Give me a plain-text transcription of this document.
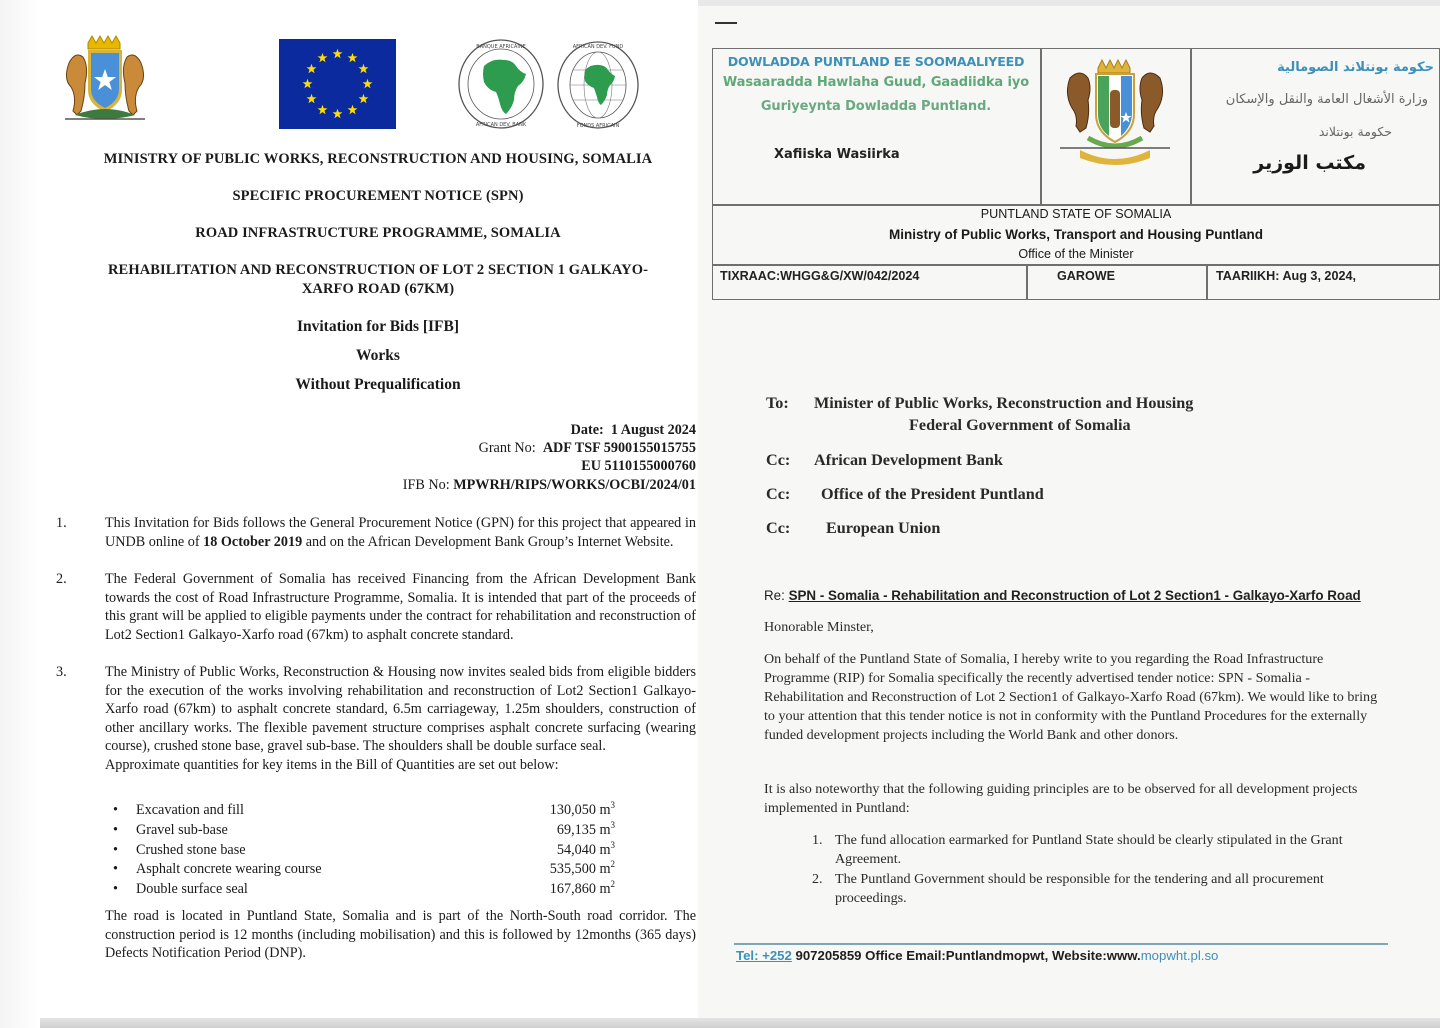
BANQUE AFRICAINE
AFRICAN DEV. BANK
AFRICAN DEV. FUND
FONDS AFRICAIN
MINISTRY OF PUBLIC WORKS, RECONSTRUCTION AND HOUSING, SOMALIA
SPECIFIC PROCUREMENT NOTICE (SPN)
ROAD INFRASTRUCTURE PROGRAMME, SOMALIA
REHABILITATION AND RECONSTRUCTION OF LOT 2 SECTION 1 GALKAYO-
XARFO ROAD (67KM)
Invitation for Bids [IFB]
Works
Without Prequalification
Date: 1 August 2024
Grant No: ADF TSF 5900155015755
EU 5110155000760
IFB No: MPWRH/RIPS/WORKS/OCBI/2024/01
1.	This Invitation for Bids follows the General Procurement Notice (GPN) for this project that appeared in UNDB online of 18 October 2019 and on the African Development Bank Group’s Internet Website.
2.	The Federal Government of Somalia has received Financing from the African Development Bank towards the cost of Road Infrastructure Programme, Somalia. It is intended that part of the proceeds of this grant will be applied to eligible payments under the contract for rehabilitation and reconstruction of Lot2 Section1 Galkayo-Xarfo road (67km) to asphalt concrete standard.
3.	The Ministry of Public Works, Reconstruction & Housing now invites sealed bids from eligible bidders for the execution of the works involving rehabilitation and reconstruction of Lot2 Section1 Galkayo-Xarfo road (67km) to asphalt concrete standard, 6.5m carriageway, 1.25m shoulders, construction of other ancillary works. The flexible pavement structure comprises asphalt concrete surfacing (wearing course), crushed stone base, gravel sub-base. The shoulders shall be double surface seal.
Approximate quantities for key items in the Bill of Quantities are set out below:
• Excavation and fill	130,050 $m^3$
• Gravel sub-base	69,135 $m^3$
• Crushed stone base	54,040 $m^3$
• Asphalt concrete wearing course	535,500 $m^2$
• Double surface seal	167,860 $m^2$
The road is located in Puntland State, Somalia and is part of the North-South road corridor. The construction period is 12 months (including mobilisation) and this is followed by 12months (365 days) Defects Notification Period (DNP).
DOWLADDA PUNTLAND EE SOOMAALIYEED
Wasaaradda Hawlaha Guud, Gaadiidka iyo
Guriyeynta Dowladda Puntland.
Xafiiska Wasiirka
حكومة بونتلاند الصومالية
وزارة الأشغال العامة والنقل والإسكان
حكومة بونتلاند
مكتب الوزير
PUNTLAND STATE OF SOMALIA
Ministry of Public Works, Transport and Housing Puntland
Office of the Minister
TIXRAAC:WHGG&G/XW/042/2024	GAROWE	TAARIIKH: Aug 3, 2024,
To: Minister of Public Works, Reconstruction and Housing
Federal Government of Somalia
Cc: African Development Bank
Cc: Office of the President Puntland
Cc: European Union
Re: SPN - Somalia - Rehabilitation and Reconstruction of Lot 2 Section1 - Galkayo-Xarfo Road
Honorable Minster,
On behalf of the Puntland State of Somalia, I hereby write to you regarding the Road Infrastructure Programme (RIP) for Somalia specifically the recently advertised tender notice: SPN - Somalia - Rehabilitation and Reconstruction of Lot 2 Section1 of Galkayo-Xarfo Road (67km). We would like to bring to your attention that this tender notice is not in conformity with the Puntland Procedures for the externally funded development projects including the World Bank and other donors.
It is also noteworthy that the following guiding principles are to be observed for all development projects implemented in Puntland:
1. The fund allocation earmarked for Puntland State should be clearly stipulated in the Grant Agreement.
2. The Puntland Government should be responsible for the tendering and all procurement proceedings.
Tel: +252 907205859 Office Email:Puntlandmopwt, Website:www.mopwht.pl.so
